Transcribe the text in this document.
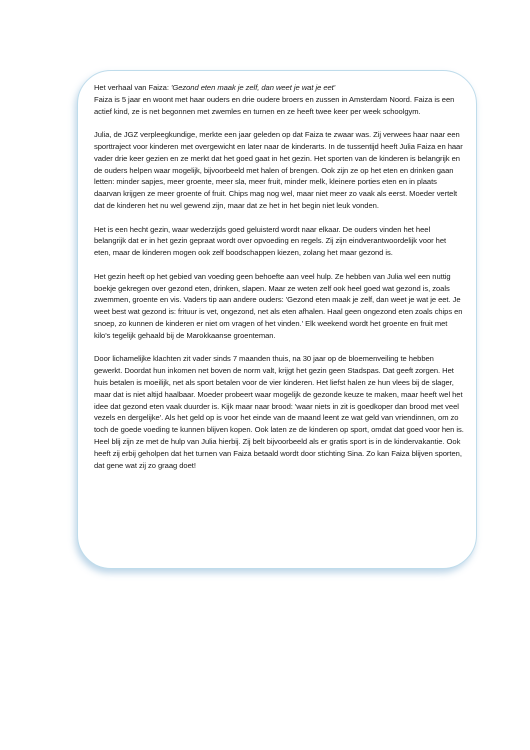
Het verhaal van Faiza: 'Gezond eten maak je zelf, dan weet je wat je eet'

Faiza is 5 jaar en woont met haar ouders en drie oudere broers en zussen in Amsterdam Noord. Faiza is een actief kind, ze is net begonnen met zwemles en turnen en ze heeft twee keer per week schoolgym.

Julia, de JGZ verpleegkundige, merkte een jaar geleden op dat Faiza te zwaar was. Zij verwees haar naar een sporttraject voor kinderen met overgewicht en later naar de kinderarts. In de tussentijd heeft Julia Faiza en haar vader drie keer gezien en ze merkt dat het goed gaat in het gezin. Het sporten van de kinderen is belangrijk en de ouders helpen waar mogelijk, bijvoorbeeld met halen of brengen. Ook zijn ze op het eten en drinken gaan letten: minder sapjes, meer groente, meer sla, meer fruit, minder melk, kleinere porties eten en in plaats daarvan krijgen ze meer groente of fruit. Chips mag nog wel, maar niet meer zo vaak als eerst. Moeder vertelt dat de kinderen het nu wel gewend zijn, maar dat ze het in het begin niet leuk vonden.

Het is een hecht gezin, waar wederzijds goed geluisterd wordt naar elkaar. De ouders vinden het heel belangrijk dat er in het gezin gepraat wordt over opvoeding en regels. Zij zijn eindverantwoordelijk voor het eten, maar de kinderen mogen ook zelf boodschappen kiezen, zolang het maar gezond is.

Het gezin heeft op het gebied van voeding geen behoefte aan veel hulp. Ze hebben van Julia wel een nuttig boekje gekregen over gezond eten, drinken, slapen. Maar ze weten zelf ook heel goed wat gezond is, zoals zwemmen, groente en vis. Vaders tip aan andere ouders: 'Gezond eten maak je zelf, dan weet je wat je eet. Je weet best wat gezond is: frituur is vet, ongezond, net als eten afhalen. Haal geen ongezond eten zoals chips en snoep, zo kunnen de kinderen er niet om vragen of het vinden.' Elk weekend wordt het groente en fruit met kilo's tegelijk gehaald bij de Marokkaanse groenteman.

Door lichamelijke klachten zit vader sinds 7 maanden thuis, na 30 jaar op de bloemenveiling te hebben gewerkt. Doordat hun inkomen net boven de norm valt, krijgt het gezin geen Stadspas. Dat geeft zorgen. Het huis betalen is moeilijk, net als sport betalen voor de vier kinderen. Het liefst halen ze hun vlees bij de slager, maar dat is niet altijd haalbaar. Moeder probeert waar mogelijk de gezonde keuze te maken, maar heeft wel het idee dat gezond eten vaak duurder is. Kijk maar naar brood: 'waar niets in zit is goedkoper dan brood met veel vezels en dergelijke'. Als het geld op is voor het einde van de maand leent ze wat geld van vriendinnen, om zo toch de goede voeding te kunnen blijven kopen. Ook laten ze de kinderen op sport, omdat dat goed voor hen is. Heel blij zijn ze met de hulp van Julia hierbij. Zij belt bijvoorbeeld als er gratis sport is in de kindervakantie. Ook heeft zij erbij geholpen dat het turnen van Faiza betaald wordt door stichting Sina. Zo kan Faiza blijven sporten, dat gene wat zij zo graag doet!
